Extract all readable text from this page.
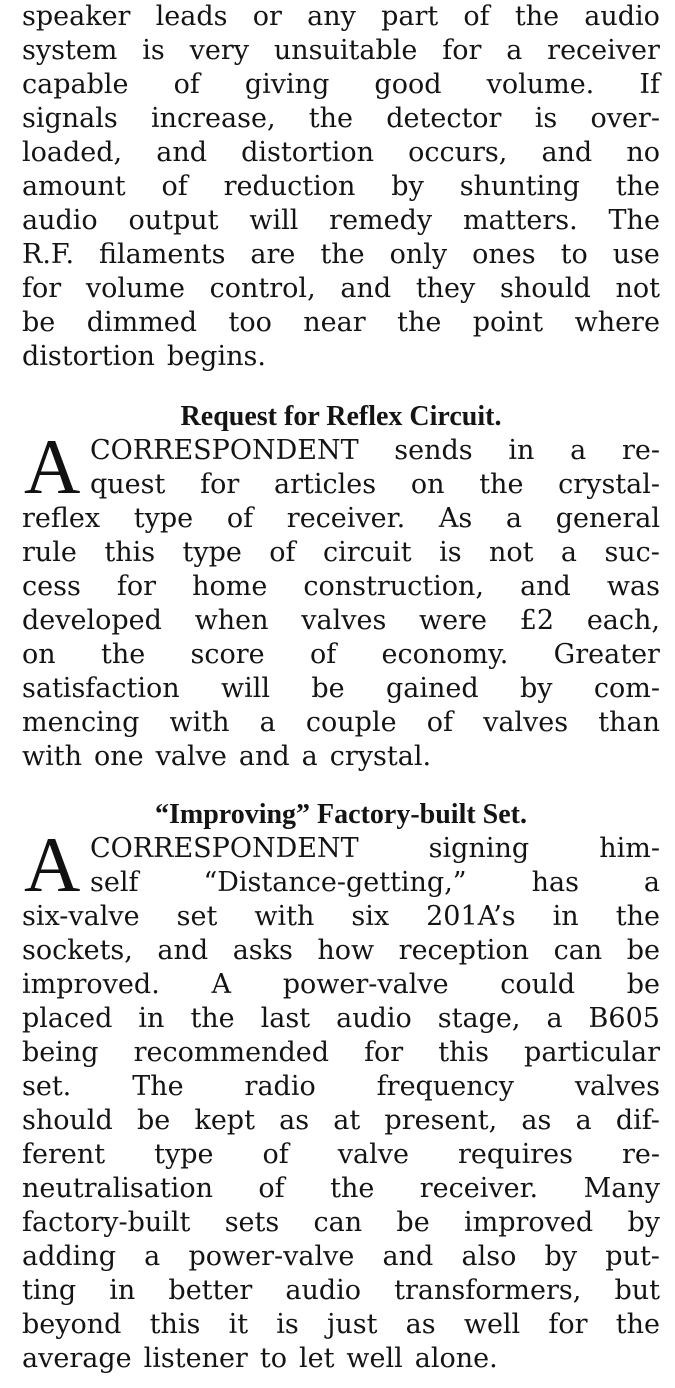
speaker leads or any part of the audio
system is very unsuitable for a receiver
capable of giving good volume. If
signals increase, the detector is over-
loaded, and distortion occurs, and no
amount of reduction by shunting the
audio output will remedy matters. The
R.F. filaments are the only ones to use
for volume control, and they should not
be dimmed too near the point where
distortion begins.
Request for Reflex Circuit.
A CORRESPONDENT sends in a re-
quest for articles on the crystal-
reflex type of receiver. As a general
rule this type of circuit is not a suc-
cess for home construction, and was
developed when valves were £2 each,
on the score of economy. Greater
satisfaction will be gained by com-
mencing with a couple of valves than
with one valve and a crystal.
“Improving” Factory-built Set.
A CORRESPONDENT	signing	him-
self “Distance-getting,” has a
six-valve set with six 201A’s in the
sockets, and asks how reception can be
improved. A power-valve could be
placed in the last audio stage, a B605
being recommended for this particular
set. The radio frequency valves
should be kept as at present, as a dif-
ferent type of valve requires re-
neutralisation of the receiver. Many
factory-built sets can be improved by
adding a power-valve and also by put-
ting in better audio transformers, but
beyond this it is just as well for the
average listener to let well alone.
